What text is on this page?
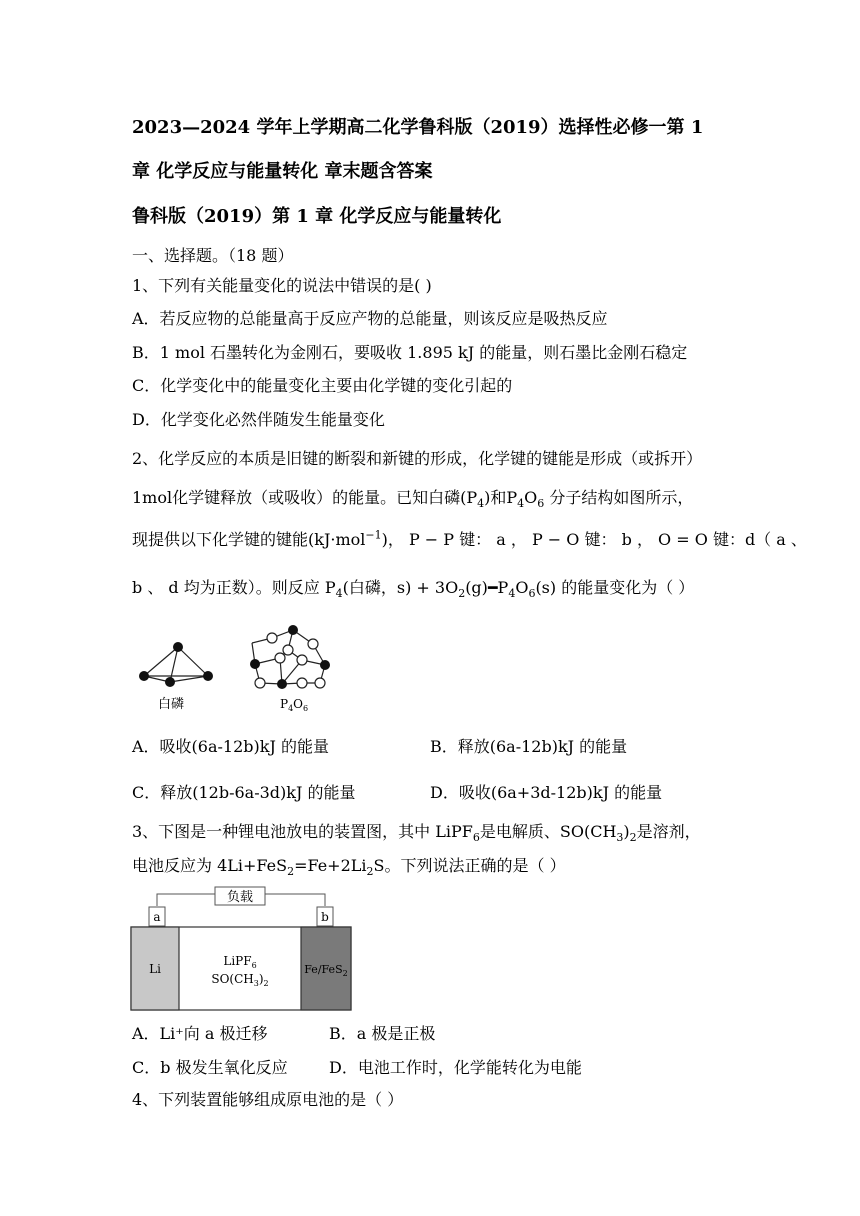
2023—2024 学年上学期高二化学鲁科版（2019）选择性必修一第 1
章 化学反应与能量转化 章末题含答案
鲁科版（2019）第 1 章 化学反应与能量转化
一、选择题。（18 题）
1、下列有关能量变化的说法中错误的是( )
A．若反应物的总能量高于反应产物的总能量，则该反应是吸热反应
B．1 mol 石墨转化为金刚石，要吸收 1.895 kJ 的能量，则石墨比金刚石稳定
C．化学变化中的能量变化主要由化学键的变化引起的
D．化学变化必然伴随发生能量变化
2、化学反应的本质是旧键的断裂和新键的形成，化学键的键能是形成（或拆开）
1mol化学键释放（或吸收）的能量。已知白磷$(P_4)$和$P_4O_6$ 分子结构如图所示，
现提供以下化学键的键能(kJ·mol$^{-1}$)， P − P 键： a ， P − O 键： b ， O = O 键：d（ a 、
b 、 d 均为正数）。则反应 $P_4$(白磷，$s) + 3O_2(g)━P_4O_6(s)$ 的能量变化为（ ）
白磷	$P_4O_6$
A．吸收(6a-12b)kJ 的能量	B．释放(6a-12b)kJ 的能量
C．释放(12b-6a-3d)kJ 的能量	D．吸收(6a+3d-12b)kJ 的能量
3、下图是一种锂电池放电的装置图，其中 LiPF$_6$是电解质、$SO(CH_3)_2$是溶剂，
电池反应为 $4Li+FeS_2=Fe+2Li_2S$。下列说法正确的是（ ）
负载
a	b
Li
LiPF$_6$
$SO(CH_3)_2$
Fe/FeS$_2$
A．Li⁺向 a 极迁移	B．a 极是正极
C．b 极发生氧化反应	D．电池工作时，化学能转化为电能
4、下列装置能够组成原电池的是（ ）
